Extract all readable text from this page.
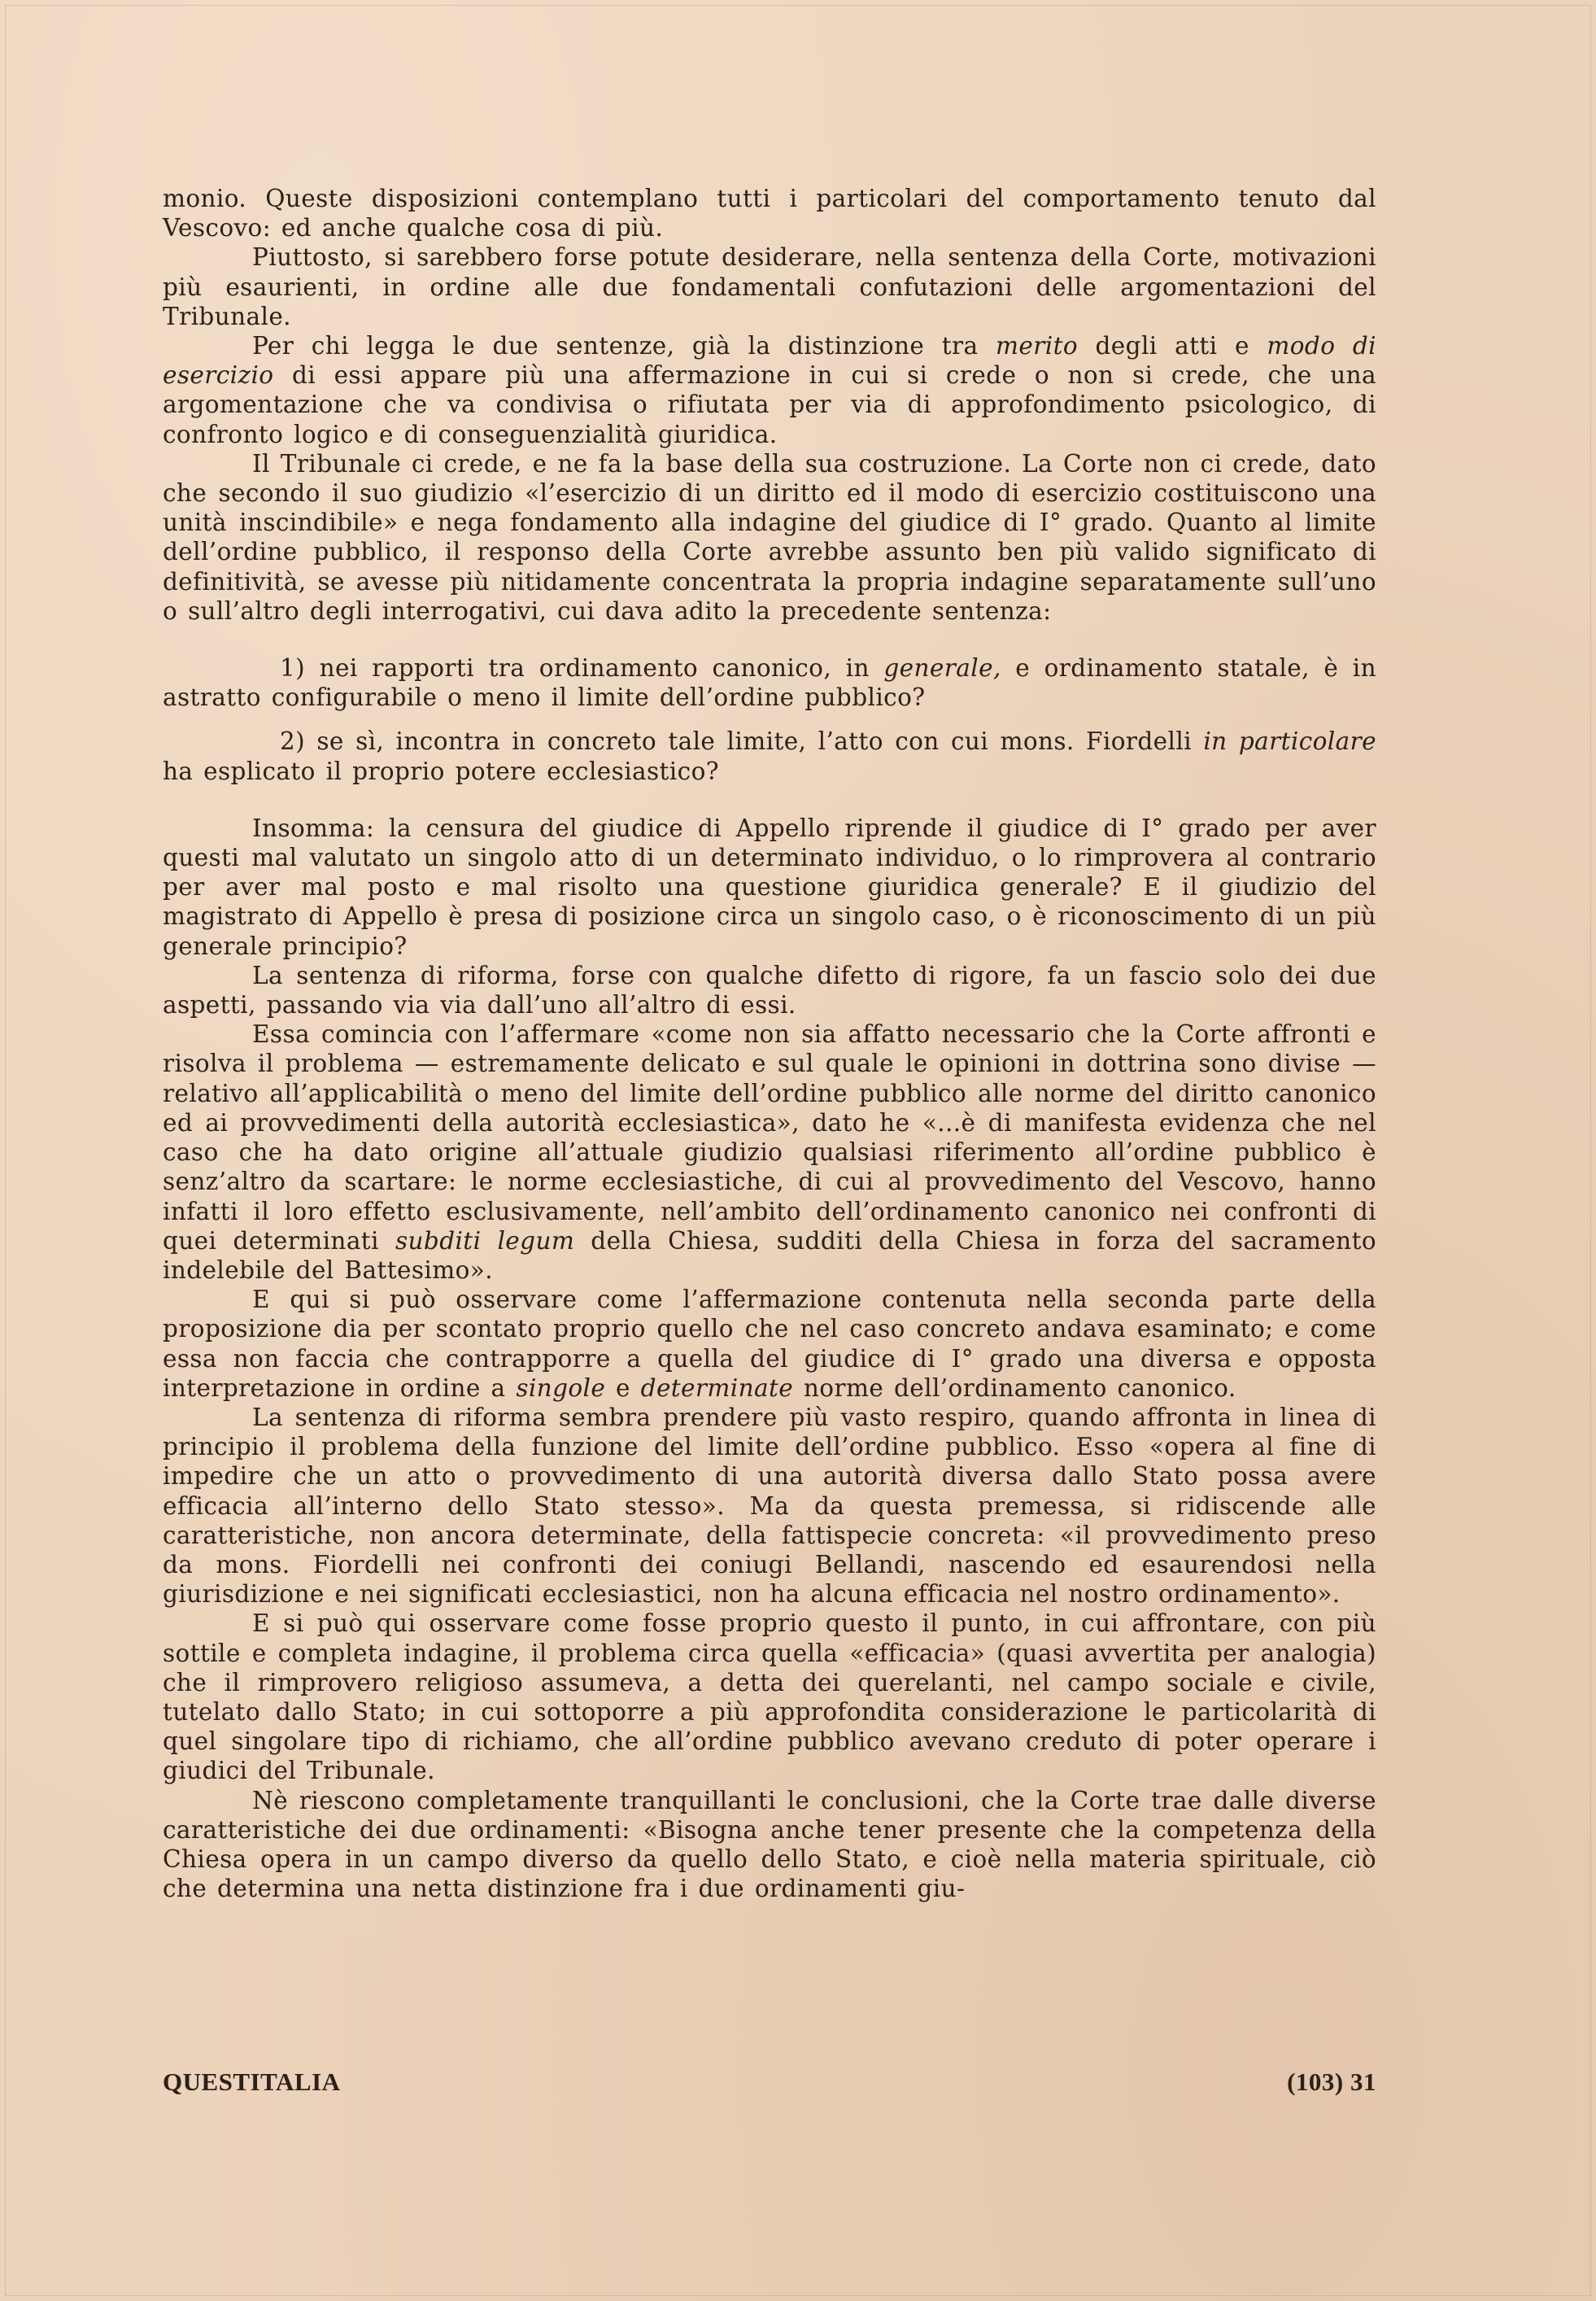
monio. Queste disposizioni contemplano tutti i particolari del comportamento tenuto dal Vescovo: ed anche qualche cosa di più.

Piuttosto, si sarebbero forse potute desiderare, nella sentenza della Corte, motivazioni più esaurienti, in ordine alle due fondamentali confutazioni delle argomentazioni del Tribunale.

Per chi legga le due sentenze, già la distinzione tra merito degli atti e modo di esercizio di essi appare più una affermazione in cui si crede o non si crede, che una argomentazione che va condivisa o rifiutata per via di approfondimento psicologico, di confronto logico e di conseguenzialità giuridica.

Il Tribunale ci crede, e ne fa la base della sua costruzione. La Corte non ci crede, dato che secondo il suo giudizio «l’esercizio di un diritto ed il modo di esercizio costituiscono una unità inscindibile» e nega fondamento alla indagine del giudice di I° grado. Quanto al limite dell’ordine pubblico, il responso della Corte avrebbe assunto ben più valido significato di definitività, se avesse più nitidamente concentrata la propria indagine separatamente sull’uno o sull’altro degli interrogativi, cui dava adito la precedente sentenza:

1) nei rapporti tra ordinamento canonico, in generale, e ordinamento statale, è in astratto configurabile o meno il limite dell’ordine pubblico?

2) se sì, incontra in concreto tale limite, l’atto con cui mons. Fiordelli in particolare ha esplicato il proprio potere ecclesiastico?

Insomma: la censura del giudice di Appello riprende il giudice di I° grado per aver questi mal valutato un singolo atto di un determinato individuo, o lo rimprovera al contrario per aver mal posto e mal risolto una questione giuridica generale? E il giudizio del magistrato di Appello è presa di posizione circa un singolo caso, o è riconoscimento di un più generale principio?

La sentenza di riforma, forse con qualche difetto di rigore, fa un fascio solo dei due aspetti, passando via via dall’uno all’altro di essi.

Essa comincia con l’affermare «come non sia affatto necessario che la Corte affronti e risolva il problema — estremamente delicato e sul quale le opinioni in dottrina sono divise — relativo all’applicabilità o meno del limite dell’ordine pubblico alle norme del diritto canonico ed ai provvedimenti della autorità ecclesiastica», dato he «...è di manifesta evidenza che nel caso che ha dato origine all’attuale giudizio qualsiasi riferimento all’ordine pubblico è senz’altro da scartare: le norme ecclesiastiche, di cui al provvedimento del Vescovo, hanno infatti il loro effetto esclusivamente, nell’ambito dell’ordinamento canonico nei confronti di quei determinati subditi legum della Chiesa, sudditi della Chiesa in forza del sacramento indelebile del Battesimo».

E qui si può osservare come l’affermazione contenuta nella seconda parte della proposizione dia per scontato proprio quello che nel caso concreto andava esaminato; e come essa non faccia che contrapporre a quella del giudice di I° grado una diversa e opposta interpretazione in ordine a singole e determinate norme dell’ordinamento canonico.

La sentenza di riforma sembra prendere più vasto respiro, quando affronta in linea di principio il problema della funzione del limite dell’ordine pubblico. Esso «opera al fine di impedire che un atto o provvedimento di una autorità diversa dallo Stato possa avere efficacia all’interno dello Stato stesso». Ma da questa premessa, si ridiscende alle caratteristiche, non ancora determinate, della fattispecie concreta: «il provvedimento preso da mons. Fiordelli nei confronti dei coniugi Bellandi, nascendo ed esaurendosi nella giurisdizione e nei significati ecclesiastici, non ha alcuna efficacia nel nostro ordinamento».

E si può qui osservare come fosse proprio questo il punto, in cui affrontare, con più sottile e completa indagine, il problema circa quella «efficacia» (quasi avvertita per analogia) che il rimprovero religioso assumeva, a detta dei querelanti, nel campo sociale e civile, tutelato dallo Stato; in cui sottoporre a più approfondita considerazione le particolarità di quel singolare tipo di richiamo, che all’ordine pubblico avevano creduto di poter operare i giudici del Tribunale.

Nè riescono completamente tranquillanti le conclusioni, che la Corte trae dalle diverse caratteristiche dei due ordinamenti: «Bisogna anche tener presente che la competenza della Chiesa opera in un campo diverso da quello dello Stato, e cioè nella materia spirituale, ciò che determina una netta distinzione fra i due ordinamenti giu-

QUESTITALIA	(103) 31
